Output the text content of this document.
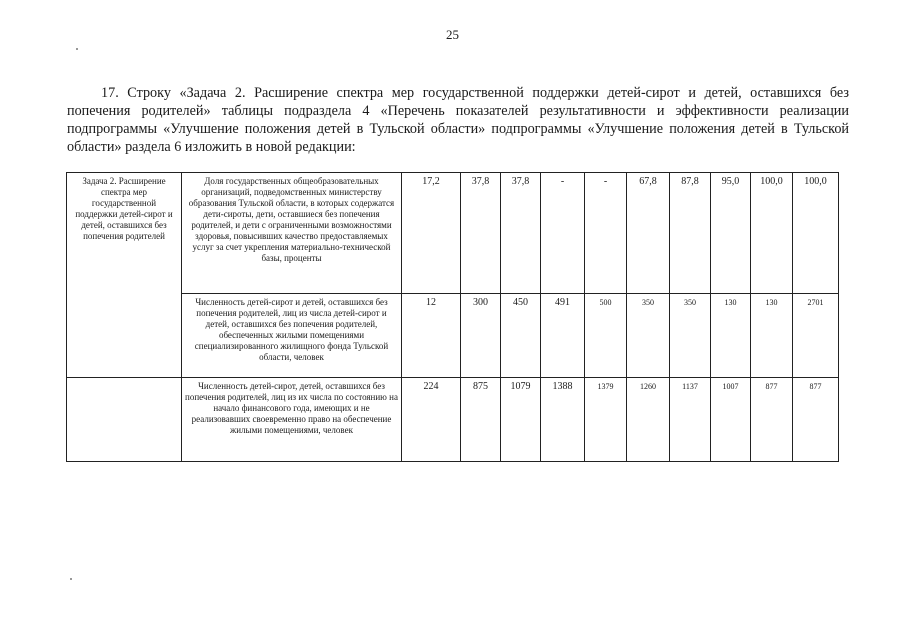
25
17. Строку «Задача 2. Расширение спектра мер государственной поддержки детей-сирот и детей, оставшихся без попечения родителей» таблицы подраздела 4 «Перечень показателей результативности и эффективности реализации подпрограммы «Улучшение положения детей в Тульской области» подпрограммы «Улучшение положения детей в Тульской области» раздела 6 изложить в новой редакции:
Задача 2. Расширение спектра мер государственной поддержки детей-сирот и детей, оставшихся без попечения родителей	Доля государственных общеобразовательных организаций, подведомственных министерству образования Тульской области, в которых содержатся дети-сироты, дети, оставшиеся без попечения родителей, и дети с ограниченными возможностями здоровья, повысивших качество предоставляемых услуг за счет укрепления материально-технической базы, проценты	17,2	37,8	37,8	-	-	67,8	87,8	95,0	100,0	100,0
	Численность детей-сирот и детей, оставшихся без попечения родителей, лиц из числа детей-сирот и детей, оставшихся без попечения родителей, обеспеченных жилыми помещениями специализированного жилищного фонда Тульской области, человек	12	300	450	491	500	350	350	130	130	2701
	Численность детей-сирот, детей, оставшихся без попечения родителей, лиц из их числа по состоянию на начало финансового года, имеющих и не реализовавших своевременно право на обеспечение жилыми помещениями, человек	224	875	1079	1388	1379	1260	1137	1007	877	877
